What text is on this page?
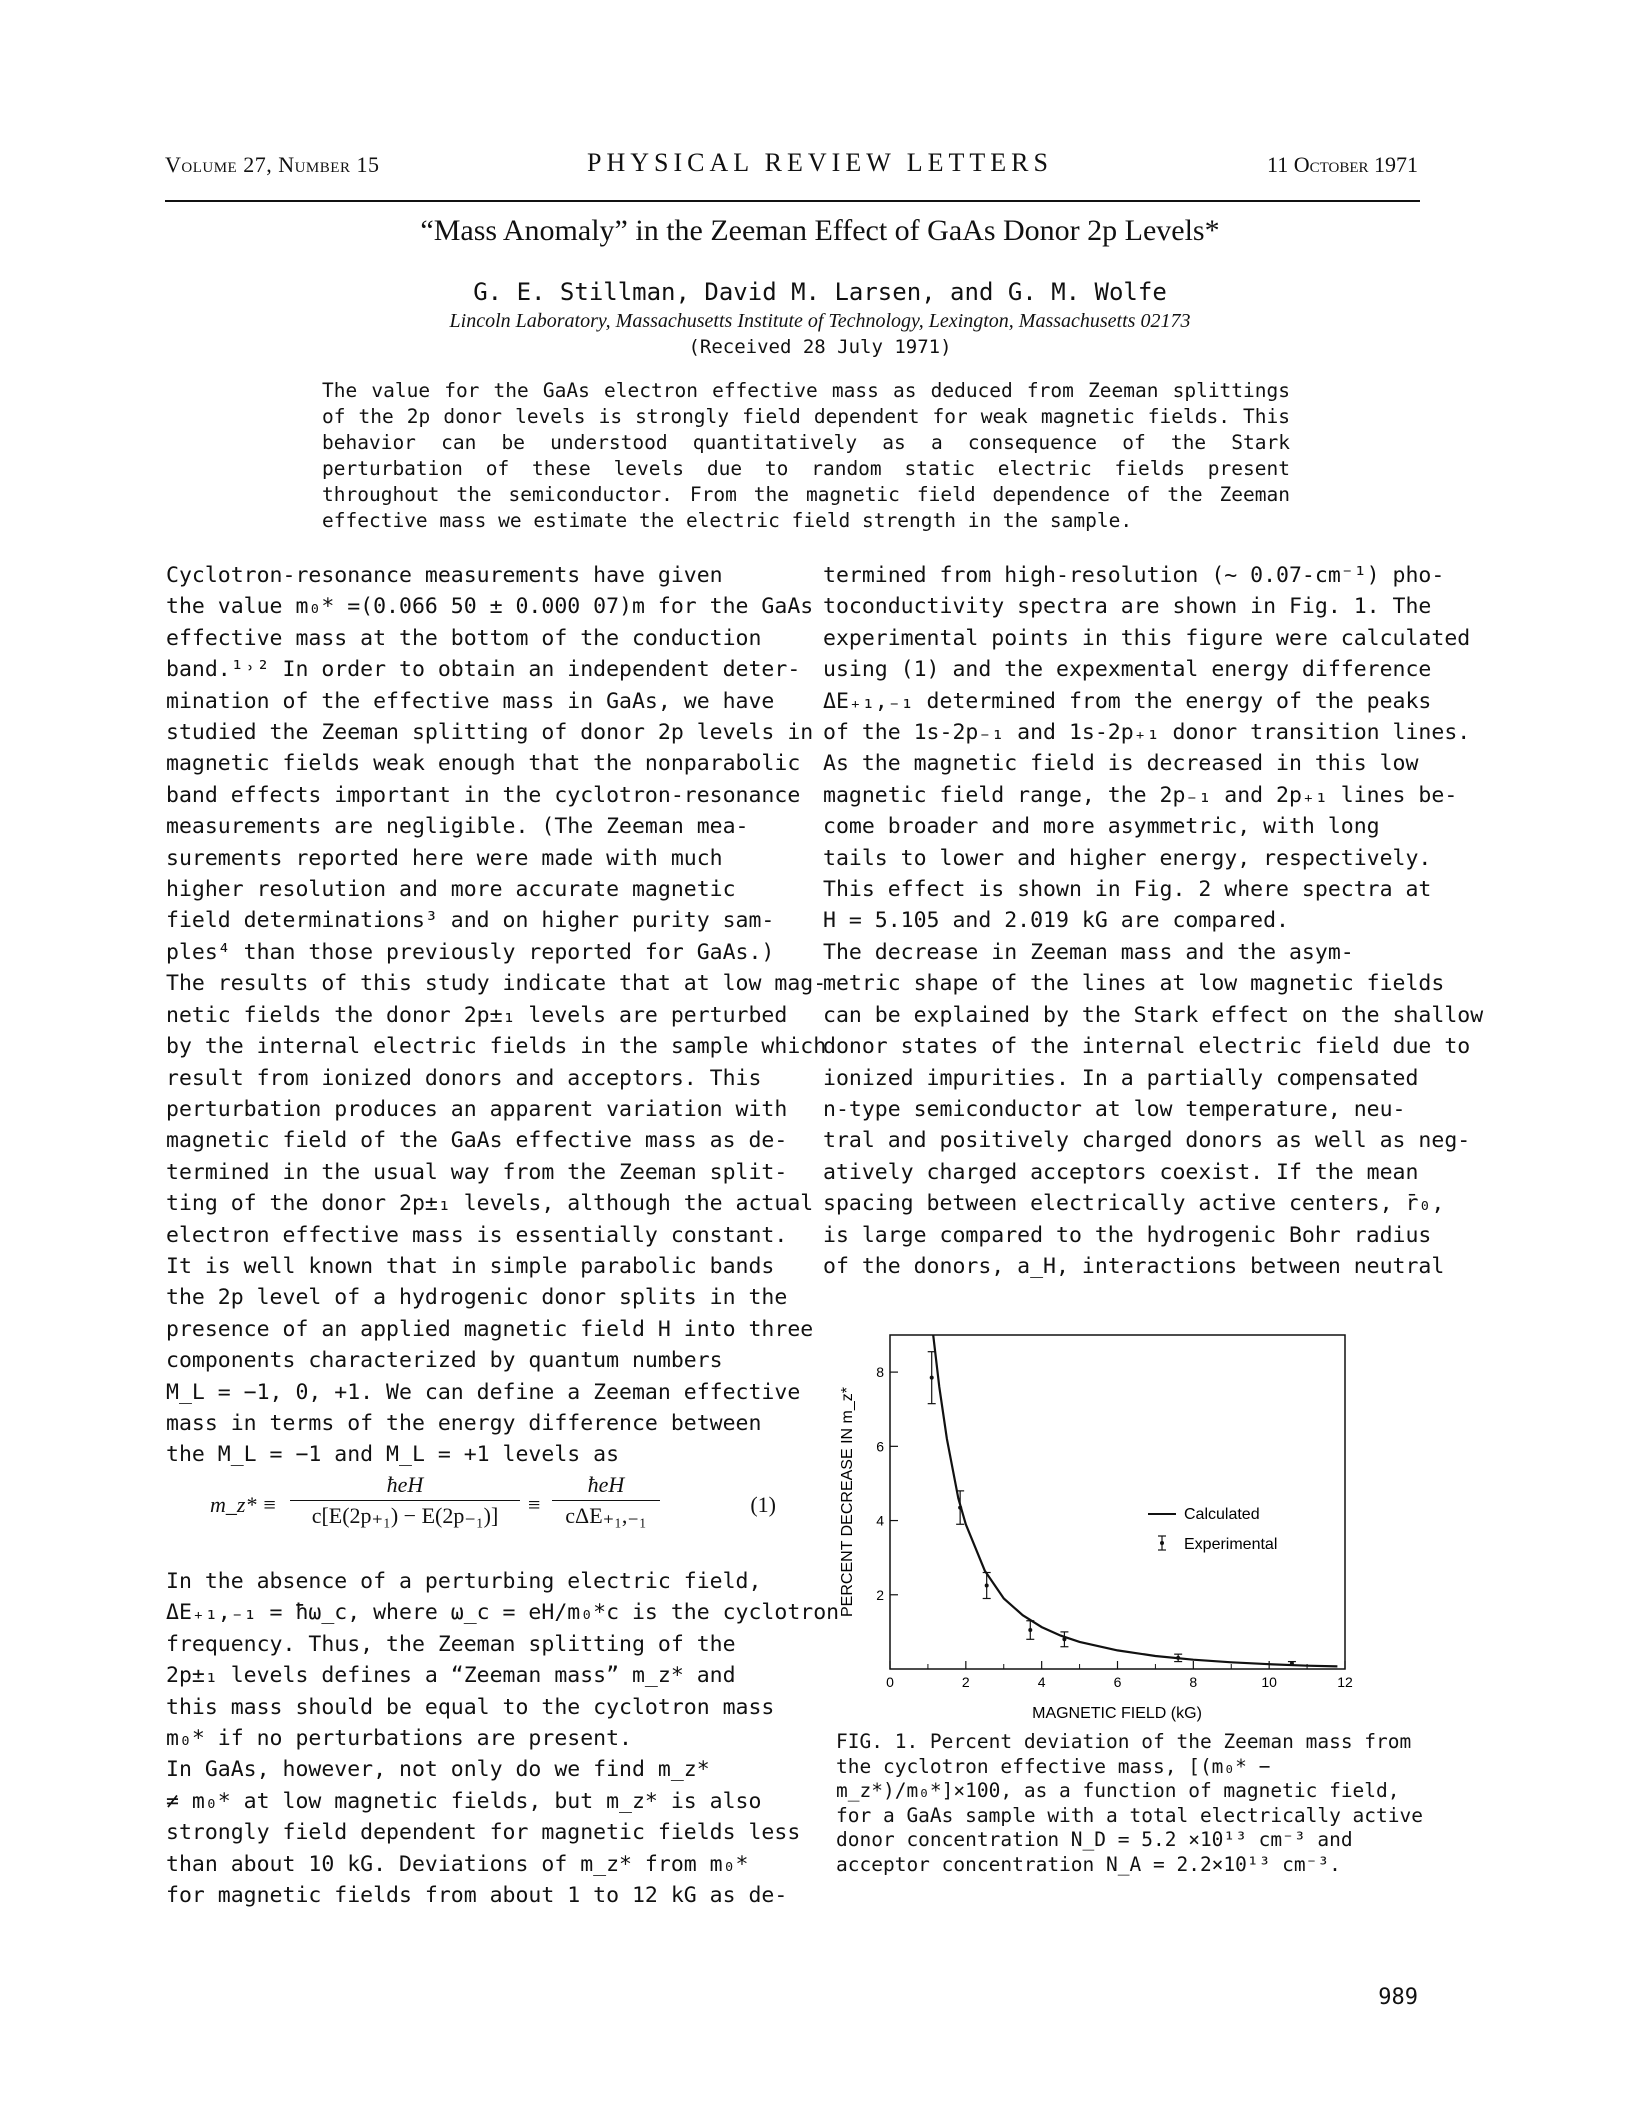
Volume 27, Number 15	PHYSICAL REVIEW LETTERS	11 October 1971
“Mass Anomaly” in the Zeeman Effect of GaAs Donor 2p Levels*
G. E. Stillman, David M. Larsen, and G. M. Wolfe
Lincoln Laboratory, Massachusetts Institute of Technology, Lexington, Massachusetts 02173
(Received 28 July 1971)
The value for the GaAs electron effective mass as deduced from Zeeman splittings of the 2p donor levels is strongly field dependent for weak magnetic fields. This behavior can be understood quantitatively as a consequence of the Stark perturbation of these levels due to random static electric fields present throughout the semiconductor. From the magnetic field dependence of the Zeeman effective mass we estimate the electric field strength in the sample.

Cyclotron-resonance measurements have given

the value m₀* =(0.066 50 ± 0.000 07)m for the GaAs

effective mass at the bottom of the conduction

band.¹˒² In order to obtain an independent deter-

mination of the effective mass in GaAs, we have

studied the Zeeman splitting of donor 2p levels in

magnetic fields weak enough that the nonparabolic

band effects important in the cyclotron-resonance

measurements are negligible. (The Zeeman mea-

surements reported here were made with much

higher resolution and more accurate magnetic

field determinations³ and on higher purity sam-

ples⁴ than those previously reported for GaAs.)

The results of this study indicate that at low mag-

netic fields the donor 2p±₁ levels are perturbed

by the internal electric fields in the sample which

result from ionized donors and acceptors. This

perturbation produces an apparent variation with

magnetic field of the GaAs effective mass as de-

termined in the usual way from the Zeeman split-

ting of the donor 2p±₁ levels, although the actual

electron effective mass is essentially constant.

It is well known that in simple parabolic bands

the 2p level of a hydrogenic donor splits in the

presence of an applied magnetic field H into three

components characterized by quantum numbers

M_L = −1, 0, +1. We can define a Zeeman effective

mass in terms of the energy difference between

the M_L = −1 and M_L = +1 levels as

m_z* ≡
ħeH
c[E(2p₊₁) − E(2p₋₁)]	≡
ħeH
cΔE₊₁,₋₁	(1)

In the absence of a perturbing electric field,

ΔE₊₁,₋₁ = ħω_c, where ω_c = eH/m₀*c is the cyclotron

frequency. Thus, the Zeeman splitting of the

2p±₁ levels defines a “Zeeman mass” m_z* and

this mass should be equal to the cyclotron mass

m₀* if no perturbations are present.

In GaAs, however, not only do we find m_z*

≠ m₀* at low magnetic fields, but m_z* is also

strongly field dependent for magnetic fields less

than about 10 kG. Deviations of m_z* from m₀*

for magnetic fields from about 1 to 12 kG as de-

termined from high-resolution (~ 0.07-cm⁻¹) pho-

toconductivity spectra are shown in Fig. 1. The

experimental points in this figure were calculated

using (1) and the expexmental energy difference

ΔE₊₁,₋₁ determined from the energy of the peaks

of the 1s-2p₋₁ and 1s-2p₊₁ donor transition lines.

As the magnetic field is decreased in this low

magnetic field range, the 2p₋₁ and 2p₊₁ lines be-

come broader and more asymmetric, with long

tails to lower and higher energy, respectively.

This effect is shown in Fig. 2 where spectra at

H = 5.105 and 2.019 kG are compared.

The decrease in Zeeman mass and the asym-

metric shape of the lines at low magnetic fields

can be explained by the Stark effect on the shallow

donor states of the internal electric field due to

ionized impurities. In a partially compensated

n-type semiconductor at low temperature, neu-

tral and positively charged donors as well as neg-

atively charged acceptors coexist. If the mean

spacing between electrically active centers, r̄₀,

is large compared to the hydrogenic Bohr radius

of the donors, a_H, interactions between neutral

0	2	4	6	8	10	12
2
4
6
8
MAGNETIC FIELD (kG)
PERCENT DECREASE IN m_z*	Calculated
Experimental
FIG. 1. Percent deviation of the Zeeman mass from the cyclotron effective mass, [(m₀* − m_z*)/m₀*]×100, as a function of magnetic field, for a GaAs sample with a total electrically active donor concentration N_D = 5.2 ×10¹³ cm⁻³ and acceptor concentration N_A = 2.2×10¹³ cm⁻³.
989
